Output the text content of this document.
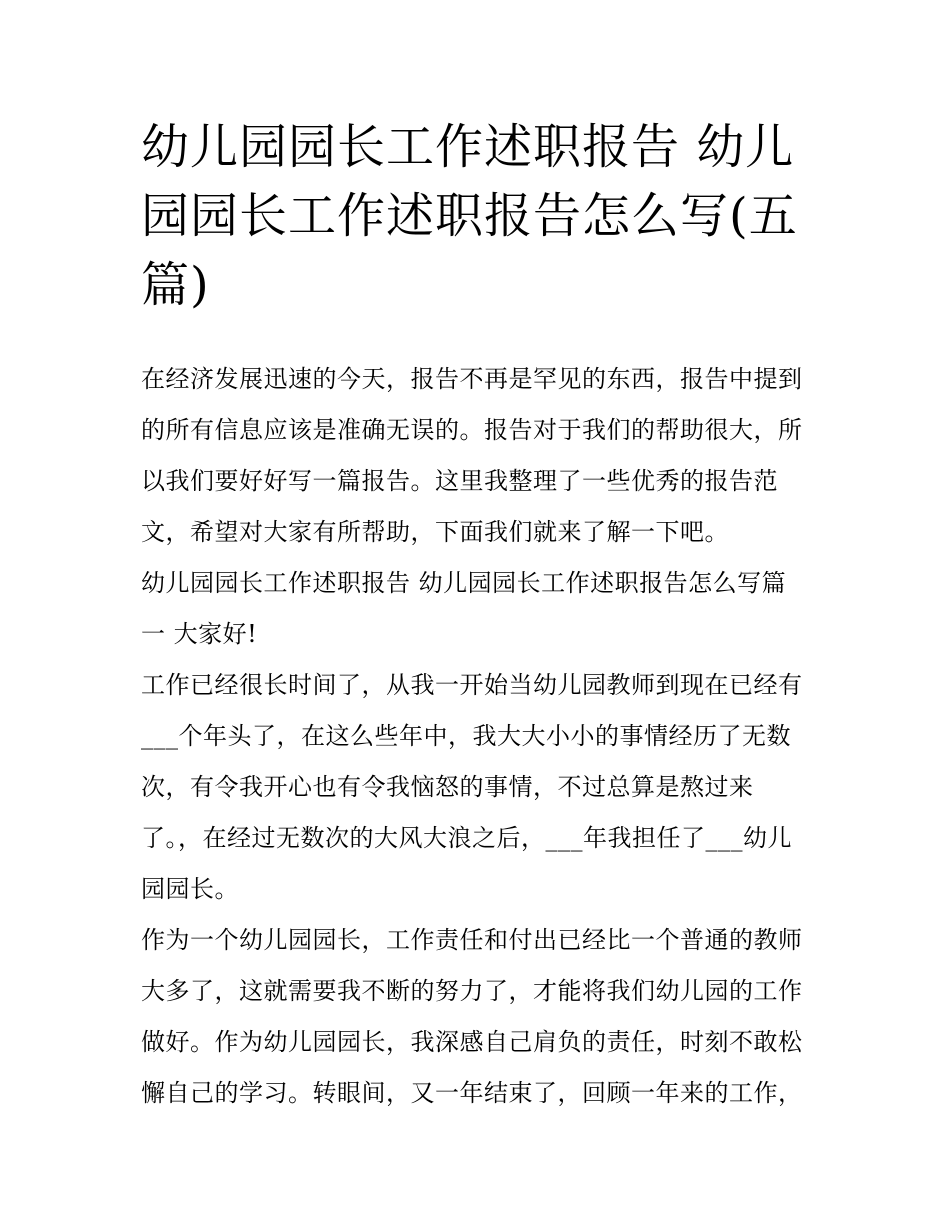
幼儿园园长工作述职报告 幼儿
园园长工作述职报告怎么写(五
篇)

在经济发展迅速的今天，报告不再是罕见的东西，报告中提到
的所有信息应该是准确无误的。报告对于我们的帮助很大，所
以我们要好好写一篇报告。这里我整理了一些优秀的报告范
文，希望对大家有所帮助，下面我们就来了解一下吧。

幼儿园园长工作述职报告 幼儿园园长工作述职报告怎么写篇
一 大家好!

工作已经很长时间了，从我一开始当幼儿园教师到现在已经有
___个年头了，在这么些年中，我大大小小的事情经历了无数
次，有令我开心也有令我恼怒的事情，不过总算是熬过来
了。，在经过无数次的大风大浪之后，___年我担任了___幼儿
园园长。

作为一个幼儿园园长，工作责任和付出已经比一个普通的教师
大多了，这就需要我不断的努力了，才能将我们幼儿园的工作
做好。作为幼儿园园长，我深感自己肩负的责任，时刻不敢松
懈自己的学习。转眼间，又一年结束了，回顾一年来的工作，
